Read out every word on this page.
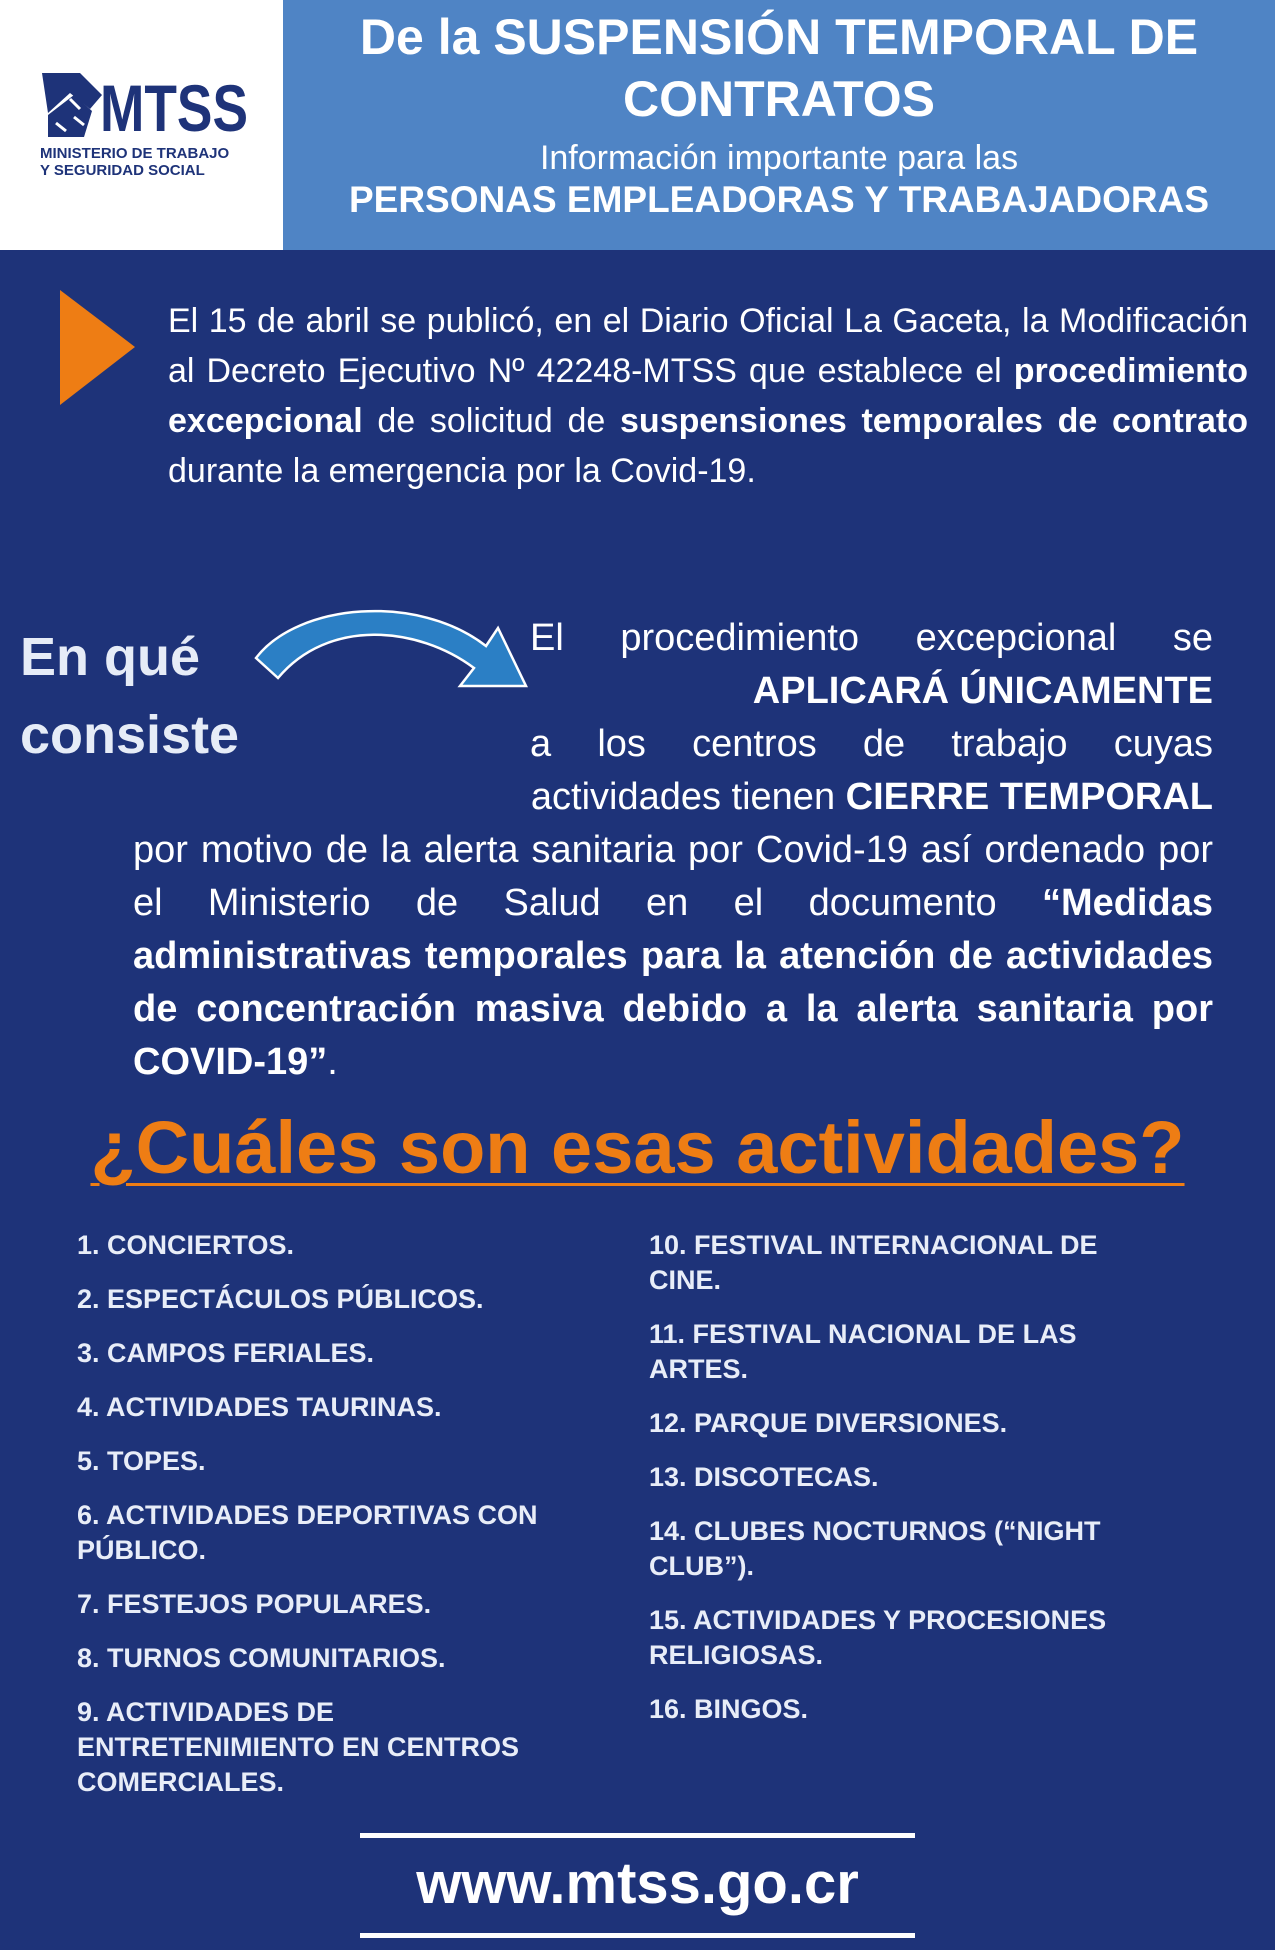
MTSS
MINISTERIO DE TRABAJO
Y SEGURIDAD SOCIAL
De la SUSPENSIÓN TEMPORAL DE CONTRATOS
Información importante para las
PERSONAS EMPLEADORAS Y TRABAJADORAS
El 15 de abril se publicó, en el Diario Oficial La Gaceta, la Modificación al Decreto Ejecutivo Nº 42248-MTSS que establece el procedimiento excepcional de solicitud de suspensiones temporales de contrato durante la emergencia por la Covid-19.
En qué consiste
El procedimiento excepcional se
APLICARÁ ÚNICAMENTE
a los centros de trabajo cuyas
actividades tienen CIERRE TEMPORAL
por motivo de la alerta sanitaria por Covid-19 así ordenado por el Ministerio de Salud en el documento “Medidas administrativas temporales para la atención de actividades de concentración masiva debido a la alerta sanitaria por COVID-19”.
¿Cuáles son esas actividades?
1. CONCIERTOS.
2. ESPECTÁCULOS PÚBLICOS.
3. CAMPOS FERIALES.
4. ACTIVIDADES TAURINAS.
5. TOPES.
6. ACTIVIDADES DEPORTIVAS CON PÚBLICO.
7. FESTEJOS POPULARES.
8. TURNOS COMUNITARIOS.
9. ACTIVIDADES DE ENTRETENIMIENTO EN CENTROS COMERCIALES.
10. FESTIVAL INTERNACIONAL DE CINE.
11. FESTIVAL NACIONAL DE LAS ARTES.
12. PARQUE DIVERSIONES.
13. DISCOTECAS.
14. CLUBES NOCTURNOS (“NIGHT CLUB”).
15. ACTIVIDADES Y PROCESIONES RELIGIOSAS.
16. BINGOS.
www.mtss.go.cr
